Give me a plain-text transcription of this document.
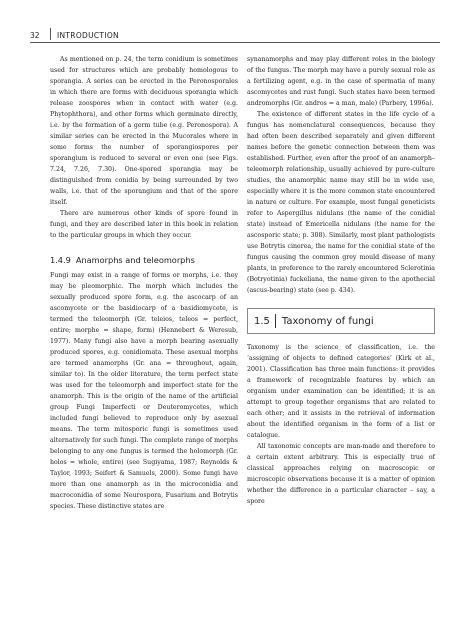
32	INTRODUCTION

As mentioned on p. 24, the term conidium is sometimes used for structures which are probably homologous to sporangia. A series can be erected in the Peronosporales in which there are forms with deciduous sporangia which release zoospores when in contact with water (e.g. Phytophthora), and other forms which germinate directly, i.e. by the formation of a germ tube (e.g. Peronospora). A similar series can be erected in the Mucorales where in some forms the number of sporangiospores per sporangium is reduced to several or even one (see Figs. 7.24, 7.26, 7.30). One-spored sporangia may be distinguished from conidia by being surrounded by two walls, i.e. that of the sporangium and that of the spore itself.

There are numerous other kinds of spore found in fungi, and they are described later in this book in relation to the particular groups in which they occur.

1.4.9 Anamorphs and teleomorphs

Fungi may exist in a range of forms or morphs, i.e. they may be pleomorphic. The morph which includes the sexually produced spore form, e.g. the ascocarp of an ascomycete or the basidiocarp of a basidiomycete, is termed the teleomorph (Gr. teleios, teleos = perfect, entire; morphe = shape, form) (Hennebert & Weresub, 1977). Many fungi also have a morph bearing asexually produced spores, e.g. conidiomata. These asexual morphs are termed anamorphs (Gr. ana = throughout, again, similar to). In the older literature, the term perfect state was used for the teleomorph and imperfect state for the anamorph. This is the origin of the name of the artificial group Fungi Imperfecti or Deuteromycetes, which included fungi believed to reproduce only by asexual means. The term mitosporic fungi is sometimes used alternatively for such fungi. The complete range of morphs belonging to any one fungus is termed the holomorph (Gr. holos = whole, entire) (see Sugiyama, 1987; Reynolds & Taylor, 1993; Seifert & Samuels, 2000). Some fungi have more than one anamorph as in the microconidia and macroconidia of some Neurospora, Fusarium and Botrytis species. These distinctive states are

synanamorphs and may play different roles in the biology of the fungus. The morph may have a purely sexual role as a fertilizing agent, e.g. in the case of spermatia of many ascomycetes and rust fungi. Such states have been termed andromorphs (Gr. andros = a man, male) (Parbery, 1996a).

The existence of different states in the life cycle of a fungus has nomenclatural consequences, because they had often been described separately and given different names before the genetic connection between them was established. Further, even after the proof of an anamorph–teleomorph relationship, usually achieved by pure-culture studies, the anamorphic name may still be in wide use, especially where it is the more common state encountered in nature or culture. For example, most fungal geneticists refer to Aspergillus nidulans (the name of the conidial state) instead of Emericella nidulans (the name for the ascosporic state; p. 308). Similarly, most plant pathologists use Botrytis cinerea, the name for the conidial state of the fungus causing the common grey mould disease of many plants, in preference to the rarely encountered Sclerotinia (Botryotinia) fuckeliana, the name given to the apothecial (ascus-bearing) state (see p. 434).

1.5 Taxonomy of fungi

Taxonomy is the science of classification, i.e. the ‘assigning of objects to defined categories’ (Kirk et al., 2001). Classification has three main functions: it provides a framework of recognizable features by which an organism under examination can be identified; it is an attempt to group together organisms that are related to each other; and it assists in the retrieval of information about the identified organism in the form of a list or catalogue.

All taxonomic concepts are man-made and therefore to a certain extent arbitrary. This is especially true of classical approaches relying on macroscopic or microscopic observations because it is a matter of opinion whether the difference in a particular character – say, a spore
